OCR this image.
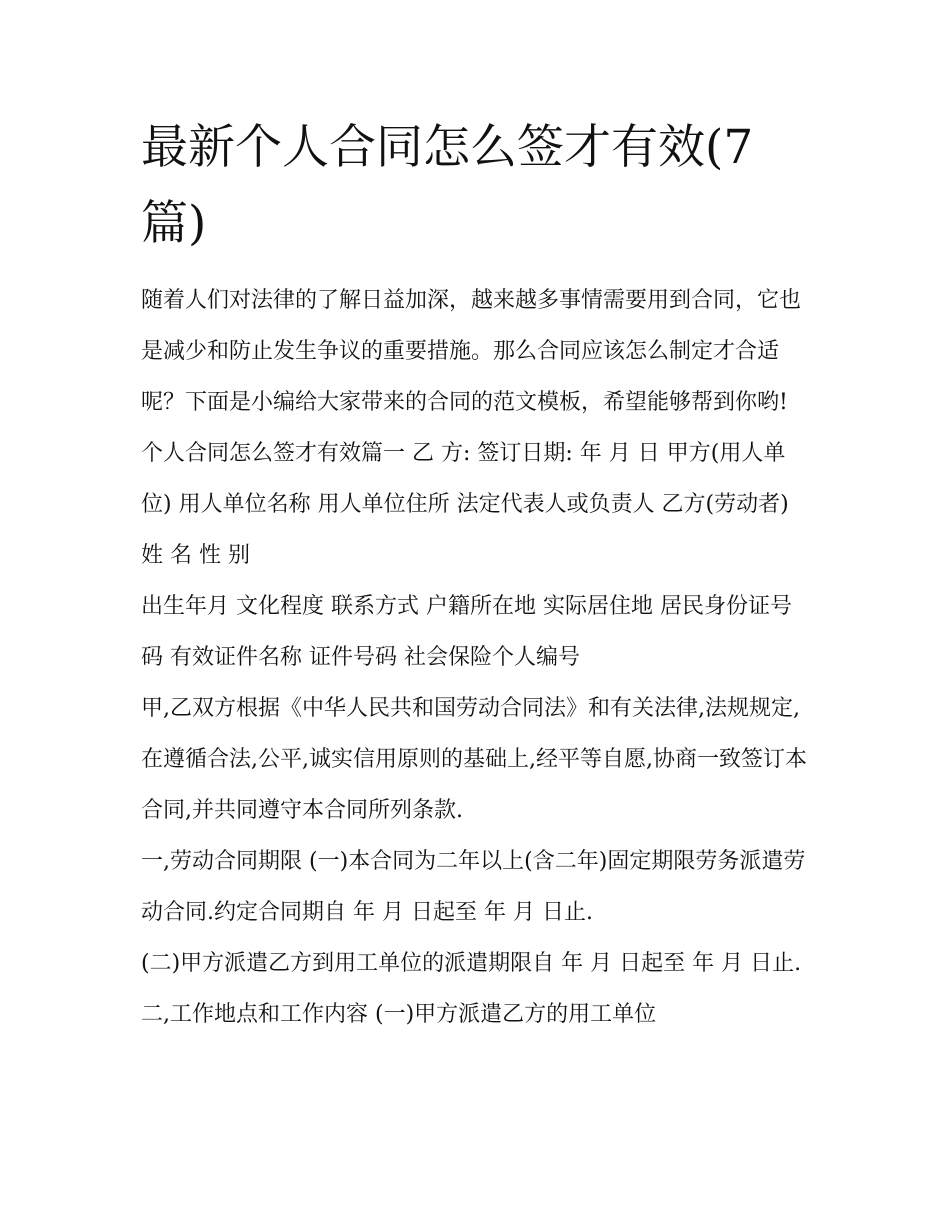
最新个人合同怎么签才有效(7篇)

随着人们对法律的了解日益加深，越来越多事情需要用到合同，它也是减少和防止发生争议的重要措施。那么合同应该怎么制定才合适呢？下面是小编给大家带来的合同的范文模板，希望能够帮到你哟!

个人合同怎么签才有效篇一 乙 方: 签订日期: 年 月 日 甲方(用人单位) 用人单位名称 用人单位住所 法定代表人或负责人 乙方(劳动者) 姓 名 性 别

出生年月 文化程度 联系方式 户籍所在地 实际居住地 居民身份证号码 有效证件名称 证件号码 社会保险个人编号

甲,乙双方根据《中华人民共和国劳动合同法》和有关法律,法规规定,在遵循合法,公平,诚实信用原则的基础上,经平等自愿,协商一致签订本合同,并共同遵守本合同所列条款.

一,劳动合同期限 (一)本合同为二年以上(含二年)固定期限劳务派遣劳动合同.约定合同期自 年 月 日起至 年 月 日止.

(二)甲方派遣乙方到用工单位的派遣期限自 年 月 日起至 年 月 日止. 二,工作地点和工作内容 (一)甲方派遣乙方的用工单位
